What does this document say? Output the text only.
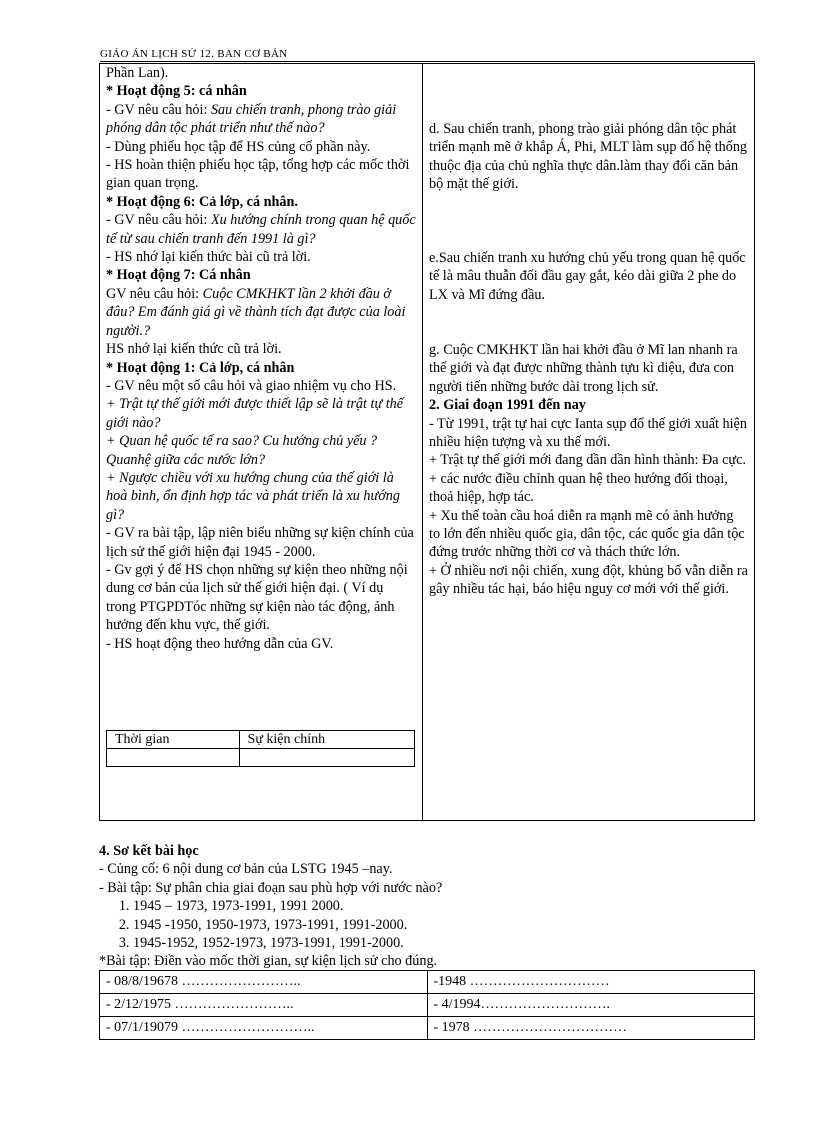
GIÁO ÁN LỊCH SỬ 12. BAN CƠ BẢN

Phần Lan).

* Hoạt động 5: cá nhân

- GV nêu câu hỏi: Sau chiến tranh, phong trào giải phóng dân tộc phát triển như thế nào?

- Dùng phiếu học tập để HS củng cố phần này.

- HS hoàn thiện phiếu học tập, tổng hợp các mốc thời gian quan trọng.

* Hoạt động 6: Cả lớp, cá nhân.

- GV nêu câu hỏi: Xu hướng chính trong quan hệ quốc tế từ sau chiến tranh đến 1991 là gì?

- HS nhớ lại kiến thức bài cũ trả lời.

* Hoạt động 7: Cá nhân

GV nêu câu hỏi: Cuộc CMKHKT lần 2 khởi đầu ở đâu? Em đánh giá gì về thành tích đạt được của loài người.?

HS nhớ lại kiến thức cũ trả lời.

* Hoạt động 1: Cả lớp, cá nhân

- GV nêu một số câu hỏi và giao nhiệm vụ cho HS.

+ Trật tự thế giới mới được thiết lập sẽ là trật tự thế giới nào?

+ Quan hệ quốc tế ra sao? Cu hướng chủ yếu ? Quanhệ giữa các nước lớn?

+ Ngược chiều với xu hướng chung của thế giới là hoà bình, ổn định hợp tác và phát triển là xu hướng gì?

- GV ra bài tập, lập niên biểu những sự kiện chính của lịch sử thế giới hiện đại 1945 - 2000.

- Gv gợi ý để HS chọn những sự kiện theo những nội dung cơ bản của lịch sử thế giới hiện đại. ( Ví dụ trong PTGPDTóc những sự kiện nào tác động, ảnh hưởng đến khu vực, thế giới.

- HS hoạt động theo hướng dẫn của GV.

Thời gian	Sự kiện chính

d. Sau chiến tranh, phong trào giải phóng dân tộc phát triển mạnh mẽ ở khắp Á, Phi, MLT làm sụp đổ hệ thống thuộc địa của chủ nghĩa thực dân.làm thay đổi căn bản bộ mặt thế giới.

e.Sau chiến tranh xu hướng chủ yếu trong quan hệ quốc tế là mâu thuẫn đối đầu gay gắt, kéo dài giữa 2 phe do LX và Mĩ đứng đầu.

g. Cuộc CMKHKT lần hai khởi đầu ở Mĩ lan nhanh ra thế giới và đạt được những thành tựu kì diệu, đưa con người tiến những bước dài trong lịch sử.

2. Giai đoạn 1991 đến nay

- Từ 1991, trật tự hai cực Ianta sụp đổ thế giới xuất hiện nhiều hiện tượng và xu thế mới.

+ Trật tự thế giới mới đang dần dần hình thành: Đa cực.

+ các nước điều chỉnh quan hệ theo hướng đối thoại, thoả hiệp, hợp tác.

+ Xu thế toàn cầu hoá diễn ra mạnh mẽ có ảnh hưởng to lớn đến nhiều quốc gia, dân tộc, các quốc gia dân tộc đứng trước những thời cơ và thách thức lớn.

+ Ở nhiều nơi nội chiến, xung đột, khủng bố vẫn diễn ra gây nhiều tác hại, báo hiệu nguy cơ mới với thế giới.

4. Sơ kết bài học

- Củng cố: 6 nội dung cơ bản của LSTG 1945 –nay.

- Bài tập: Sự phân chia giai đoạn sau phù hợp với nước nào?

1. 1945 – 1973, 1973-1991, 1991 2000.
2. 1945 -1950, 1950-1973, 1973-1991, 1991-2000.
3. 1945-1952, 1952-1973, 1973-1991, 1991-2000.

*Bài tập: Điền vào mốc thời gian, sự kiện lịch sử cho đúng.

- 08/8/19678 ……………………..	-1948 …………………………
- 2/12/1975 ……………………..	- 4/1994……………………….
- 07/1/19079 ………………………..	- 1978 ……………………………
